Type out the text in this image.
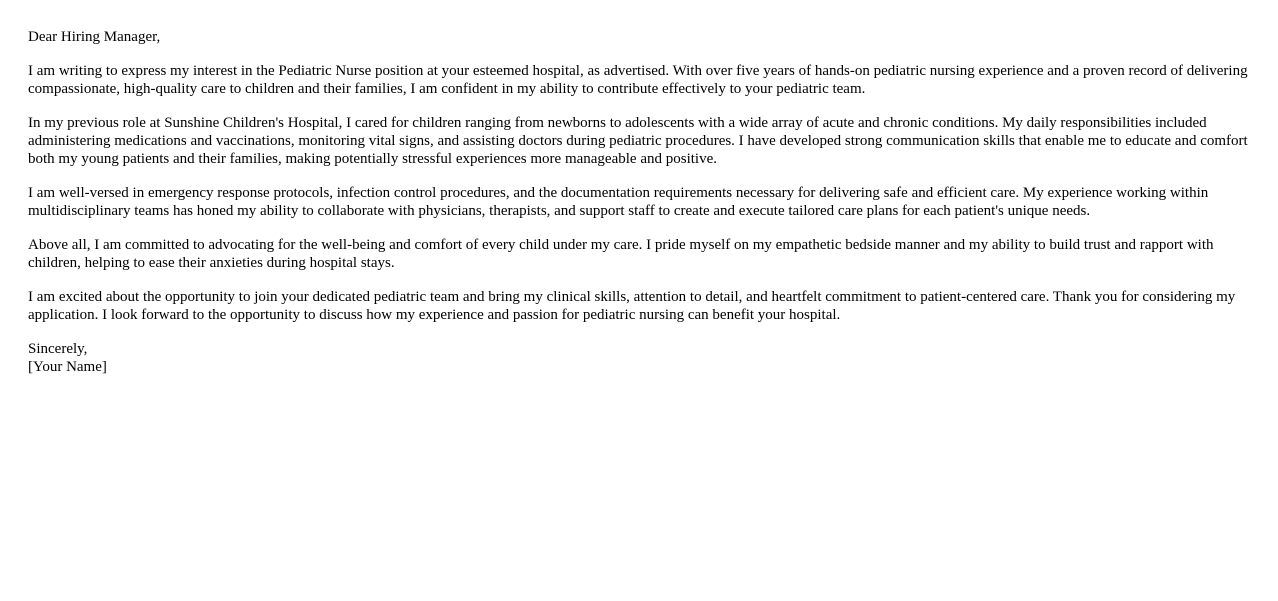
Dear Hiring Manager,

I am writing to express my interest in the Pediatric Nurse position at your esteemed hospital, as advertised. With over five years of hands-on pediatric nursing experience and a proven record of delivering compassionate, high-quality care to children and their families, I am confident in my ability to contribute effectively to your pediatric team.

In my previous role at Sunshine Children's Hospital, I cared for children ranging from newborns to adolescents with a wide array of acute and chronic conditions. My daily responsibilities included administering medications and vaccinations, monitoring vital signs, and assisting doctors during pediatric procedures. I have developed strong communication skills that enable me to educate and comfort both my young patients and their families, making potentially stressful experiences more manageable and positive.

I am well-versed in emergency response protocols, infection control procedures, and the documentation requirements necessary for delivering safe and efficient care. My experience working within multidisciplinary teams has honed my ability to collaborate with physicians, therapists, and support staff to create and execute tailored care plans for each patient's unique needs.

Above all, I am committed to advocating for the well-being and comfort of every child under my care. I pride myself on my empathetic bedside manner and my ability to build trust and rapport with children, helping to ease their anxieties during hospital stays.

I am excited about the opportunity to join your dedicated pediatric team and bring my clinical skills, attention to detail, and heartfelt commitment to patient-centered care. Thank you for considering my application. I look forward to the opportunity to discuss how my experience and passion for pediatric nursing can benefit your hospital.

Sincerely,

[Your Name]
